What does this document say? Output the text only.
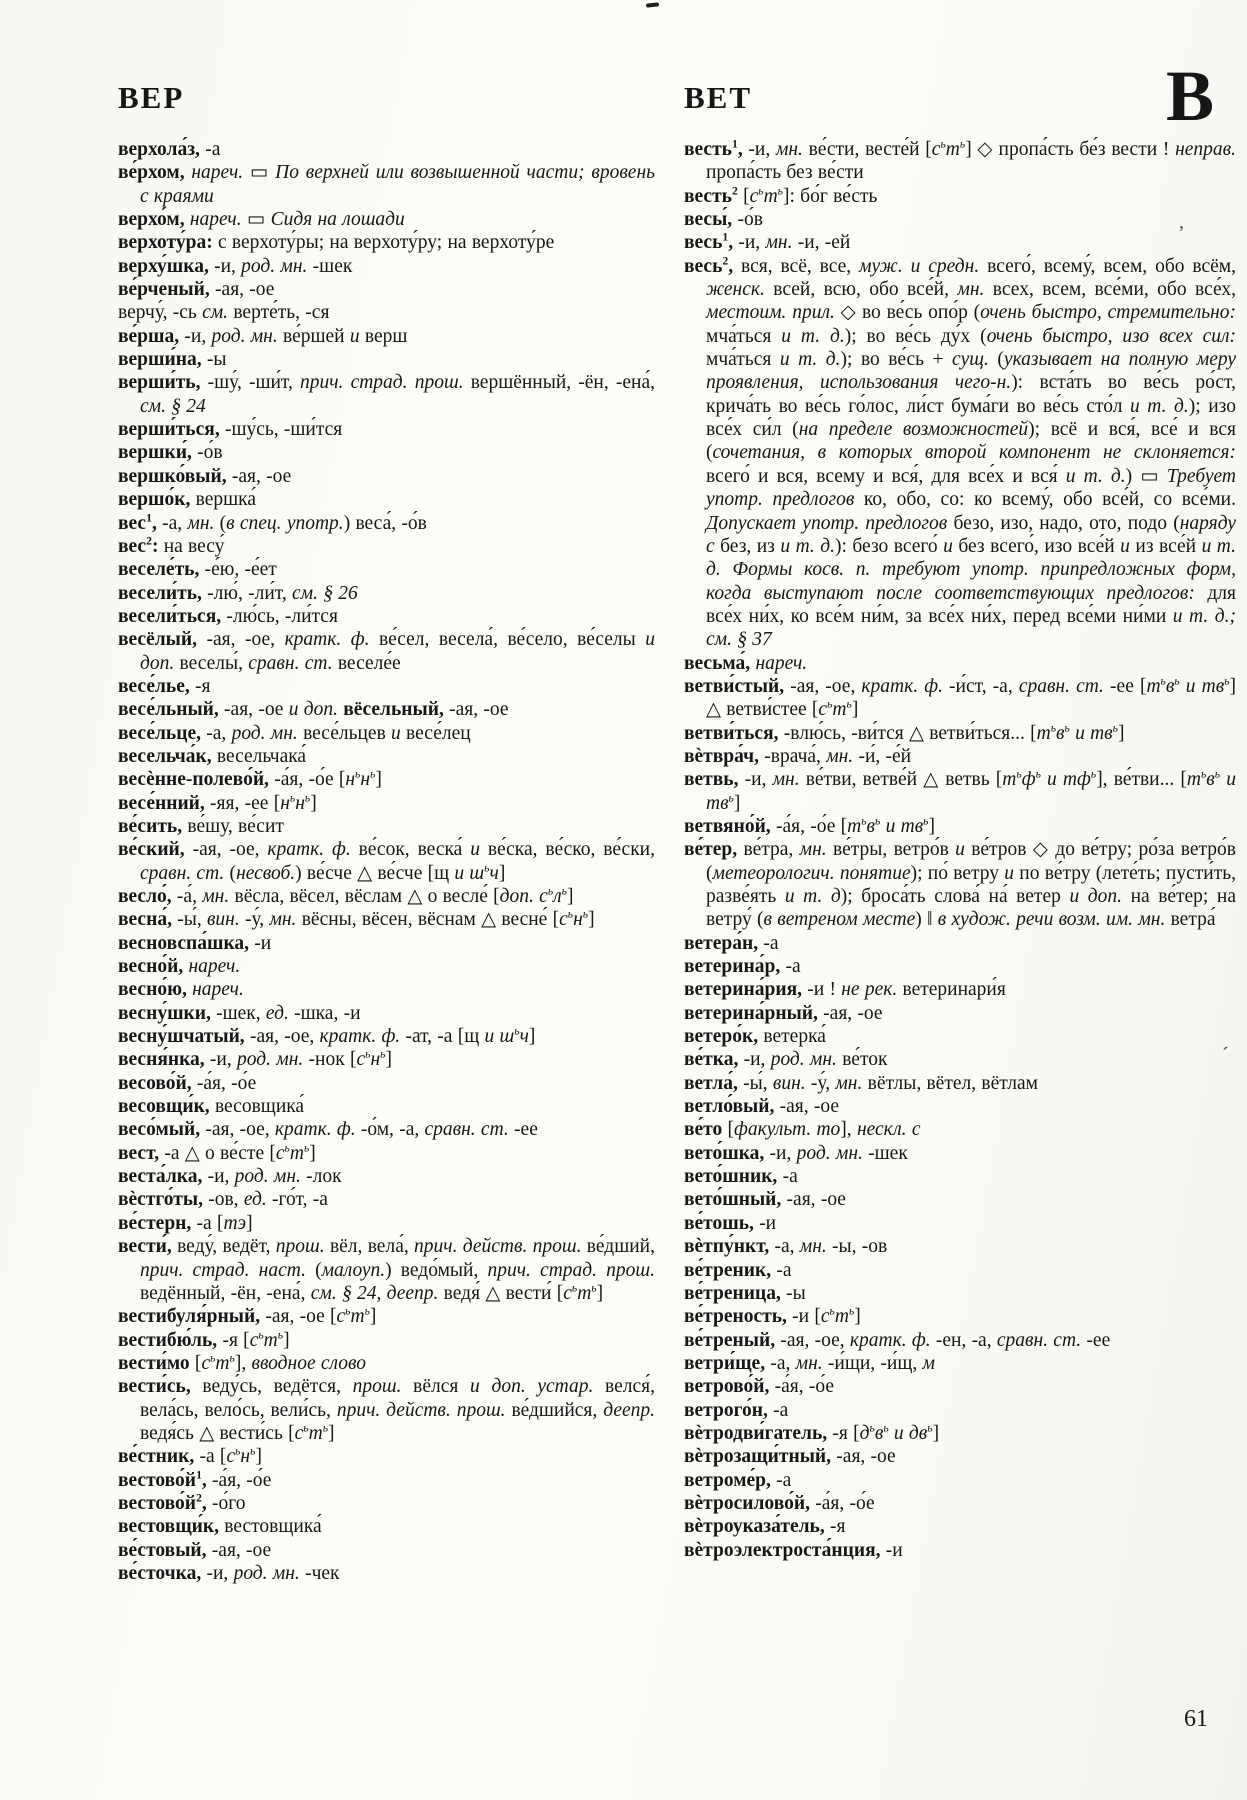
ВЕР	ВЕТ	В
верхола́з, -а
ве́рхом, нареч. ▭ По верхней или возвышенной части; вровень с краями
верхо́м, нареч. ▭ Сидя на лошади
верхоту́ра: с верхоту́ры; на верхоту́ру; на верхоту́ре
верху́шка, -и, род. мн. -шек
ве́рченый, -ая, -ое
верчу́, -сь см. верте́ть, -ся
ве́рша, -и, род. мн. ве́ршей и верш
верши́на, -ы
верши́ть, -шу́, -ши́т, прич. страд. прош. вершённый, -ён, -ена́, см. § 24
верши́ться, -шу́сь, -ши́тся
вершки́, -о́в
вершко́вый, -ая, -ое
вершо́к, вершка́
вес$^1$, -а, мн. (в спец. употр.) веса́, -о́в
вес$^2$: на весу́
веселе́ть, -е́ю, -е́ет
весели́ть, -лю́, -ли́т, см. § 26
весели́ться, -лю́сь, -ли́тся
весёлый, -ая, -ое, кратк. ф. ве́сел, весела́, ве́село, ве́селы и доп. веселы́, сравн. ст. веселе́е
весе́лье, -я
весе́льный, -ая, -ое и доп. вёсельный, -ая, -ое
весе́льце, -а, род. мн. весе́льцев и весе́лец
весельча́к, весельчака́
весѐнне-полево́й, -а́я, -о́е $[н^ьн^ь]$
весе́нний, -яя, -ее $[н^ьн^ь]$
ве́сить, ве́шу, ве́сит
ве́ский, -ая, -ое, кратк. ф. ве́сок, веска́ и ве́ска, ве́ско, ве́ски, сравн. ст. (несвоб.) ве́сче △ ве́сче [щ и $ш^ьч$]
весло́, -а́, мн. вёсла, вёсел, вёслам △ о весле́ [доп. $с^ьл^ь$]
весна́, -ы́, вин. -у́, мн. вёсны, вёсен, вёснам △ весне́ $[с^ьн^ь]$
весновспа́шка, -и
весно́й, нареч.
весно́ю, нареч.
весну́шки, -шек, ед. -шка, -и
весну́шчатый, -ая, -ое, кратк. ф. -ат, -а [щ и $ш^ьч$]
весня́нка, -и, род. мн. -нок $[с^ьн^ь]$
весово́й, -а́я, -о́е
весовщи́к, весовщика́
весо́мый, -ая, -ое, кратк. ф. -о́м, -а, сравн. ст. -ее
вест, -а △ о ве́сте $[с^ьт^ь]$
веста́лка, -и, род. мн. -лок
вѐстго́ты, -ов, ед. -го́т, -а
ве́стерн, -а [тэ]
вести́, веду́, ведёт, прош. вёл, вела́, прич. действ. прош. ве́дший, прич. страд. наст. (малоуп.) ведо́мый, прич. страд. прош. ведённый, -ён, -ена́, см. § 24, деепр. ведя́ △ вести́ $[с^ьт^ь]$
вестибуля́рный, -ая, -ое $[с^ьт^ь]$
вестибю́ль, -я $[с^ьт^ь]$
вести́мо $[с^ьт^ь]$, вводное слово
вести́сь, веду́сь, ведётся, прош. вёлся и доп. устар. велся́, вела́сь, вело́сь, вели́сь, прич. действ. прош. ве́дшийся, деепр. ведя́сь △ вести́сь $[с^ьт^ь]$
ве́стник, -а $[с^ьн^ь]$
$вестово́й^1$, -а́я, -о́е
$вестово́й^2$, -о́го
вестовщи́к, вестовщика́
ве́стовый, -ая, -ое
ве́сточка, -и, род. мн. -чек
весть$^1$, -и, мн. ве́сти, весте́й $[с^ьт^ь]$ ◇ пропа́сть бе́з вести ! неправ. пропа́сть без ве́сти
весть$^2$ $[с^ьт^ь]$: бо́г ве́сть
весы́, -о́в
весь$^1$, -и, мн. -и, -ей
весь$^2$, вся, всё, все, муж. и средн. всего́, всему́, всем, обо всём, женск. всей, всю, обо все́й, мн. всех, всем, все́ми, обо все́х, местоим. прил. ◇ во ве́сь опо́р (очень быстро, стремительно: мча́ться и т. д.); во ве́сь ду́х (очень быстро, изо всех сил: мча́ться и т. д.); во ве́сь + сущ. (указывает на полную меру проявления, использования чего-н.): вста́ть во ве́сь ро́ст, крича́ть во ве́сь го́лос, ли́ст бума́ги во ве́сь сто́л и т. д.); изо все́х си́л (на пределе возможностей); всё и вся́, все́ и вся (сочетания, в которых второй компонент не склоняется: всего́ и вся, всему и вся́, для все́х и вся́ и т. д.) ▭ Требует употр. предлогов ко, обо, со: ко всему́, обо все́й, со все́ми. Допускает употр. предлогов безо, изо, надо, ото, подо (наряду с без, из и т. д.): безо всего́ и без всего́, изо все́й и из все́й и т. д. Формы косв. п. требуют употр. припредложных форм, когда выступают после соответствующих предлогов: для все́х ни́х, ко все́м ни́м, за все́х ни́х, перед все́ми ни́ми и т. д.; см. § 37
весьма́, нареч.
ветви́стый, -ая, -ое, кратк. ф. -и́ст, -а, сравн. ст. -ее [$т^ьв^ь$ и $тв^ь$] △ ветви́стее $[с^ьт^ь]$
ветви́ться, -влю́сь, -ви́тся △ ветви́ться... [$т^ьв^ь$ и $тв^ь$]
вѐтвра́ч, -врача́, мн. -и́, -е́й
ветвь, -и, мн. ве́тви, ветве́й △ ветвь [$т^ьф^ь$ и $тф^ь$], ве́тви... [$т^ьв^ь$ и $тв^ь$]
ветвяно́й, -а́я, -о́е [$т^ьв^ь$ и $тв^ь$]
ве́тер, ве́тра, мн. ве́тры, ветро́в и ве́тров ◇ до ве́тру; ро́за ветро́в (метеорологич. понятие); по́ ветру и по ве́тру (лете́ть; пусти́ть, разве́ять и т. д); броса́ть слова́ на́ ветер и доп. на ве́тер; на ветру́ (в ветреном месте) ‖ в худож. речи возм. им. мн. ветра́
ветера́н, -а
ветерина́р, -а
ветерина́рия, -и ! не рек. ветеринари́я
ветерина́рный, -ая, -ое
ветеро́к, ветерка́
ве́тка, -и, род. мн. ве́ток
ветла́, -ы́, вин. -у́, мн. вётлы, вётел, вётлам
ветло́вый, -ая, -ое
ве́то [факульт. то], нескл. с
вето́шка, -и, род. мн. -шек
вето́шник, -а
вето́шный, -ая, -ое
ве́тошь, -и
вѐтпу́нкт, -а, мн. -ы, -ов
ве́треник, -а
ве́треница, -ы
ве́треность, -и $[с^ьт^ь]$
ве́треный, -ая, -ое, кратк. ф. -ен, -а, сравн. ст. -ее
ветри́ще, -а, мн. -и́щи, -и́щ, м
ветрово́й, -а́я, -о́е
ветрого́н, -а
вѐтродви́гатель, -я [$д^ьв^ь$ и $дв^ь$]
вѐтрозащи́тный, -ая, -ое
ветроме́р, -а
вѐтросилово́й, -а́я, -о́е
вѐтроуказа́тель, -я
вѐтроэлектроста́нция, -и
61
’
ˊ
